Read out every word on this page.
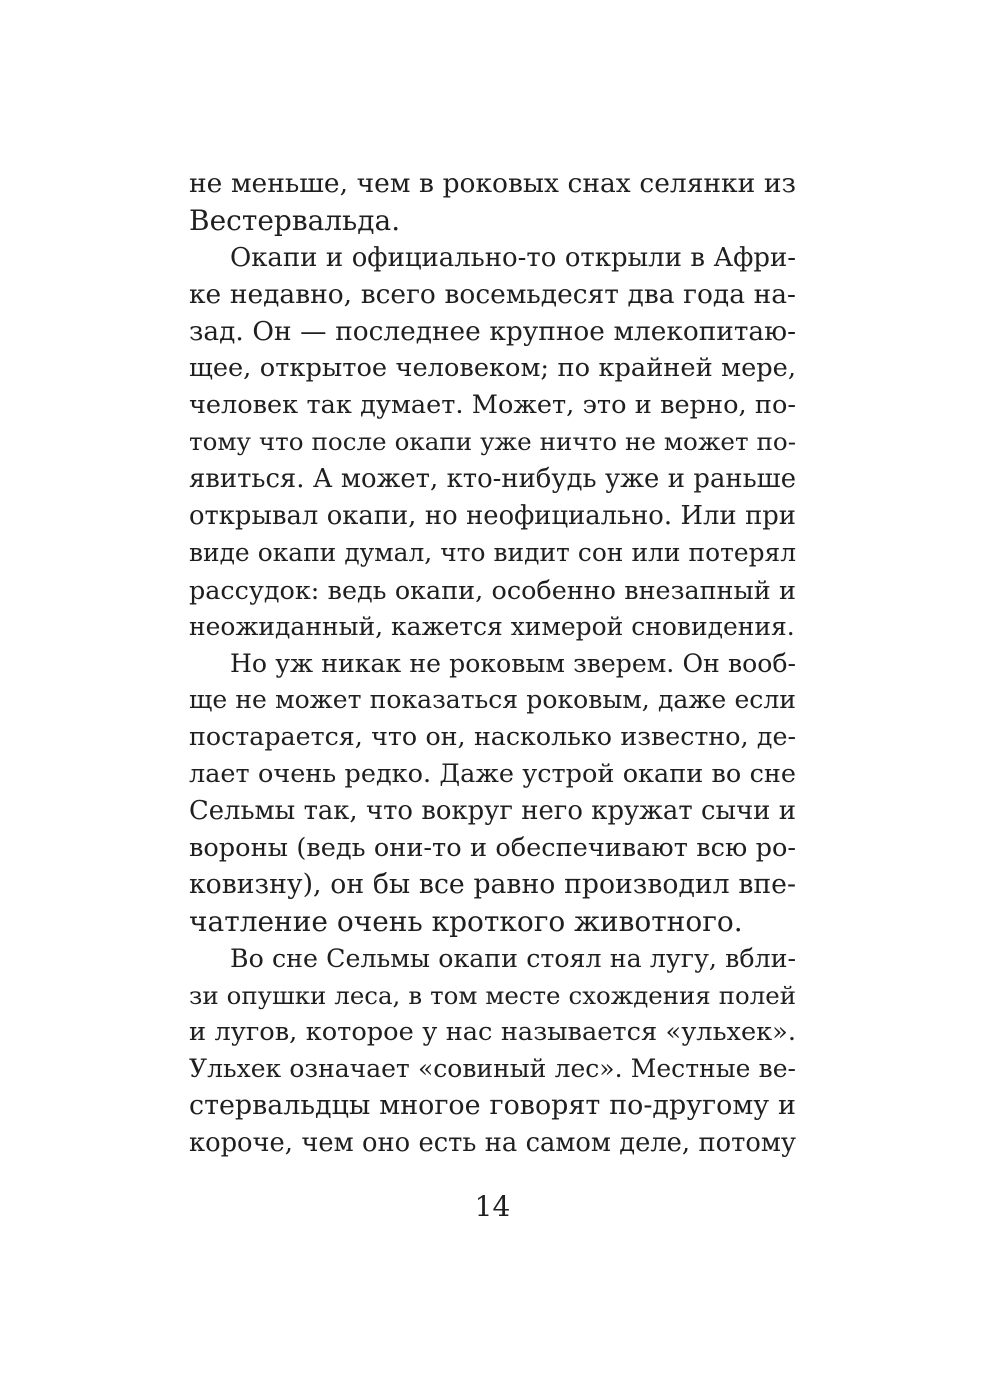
не меньше, чем в роковых снах селянки из
Вестервальда.

Окапи и официально-то открыли в Афри-
ке недавно, всего восемьдесят два года на-
зад. Он — последнее крупное млекопитаю-
щее, открытое человеком; по крайней мере,
человек так думает. Может, это и верно, по-
тому что после окапи уже ничто не может по-
явиться. А может, кто-нибудь уже и раньше
открывал окапи, но неофициально. Или при
виде окапи думал, что видит сон или потерял
рассудок: ведь окапи, особенно внезапный и
неожиданный, кажется химерой сновидения.

Но уж никак не роковым зверем. Он вооб-
ще не может показаться роковым, даже если
постарается, что он, насколько известно, де-
лает очень редко. Даже устрой окапи во сне
Сельмы так, что вокруг него кружат сычи и
вороны (ведь они-то и обеспечивают всю ро-
ковизну), он бы все равно производил впе-
чатление очень кроткого животного.

Во сне Сельмы окапи стоял на лугу, вбли-
зи опушки леса, в том месте схождения полей
и лугов, которое у нас называется «ульхек».
Ульхек означает «совиный лес». Местные ве-
стервальдцы многое говорят по-другому и
короче, чем оно есть на самом деле, потому

14
